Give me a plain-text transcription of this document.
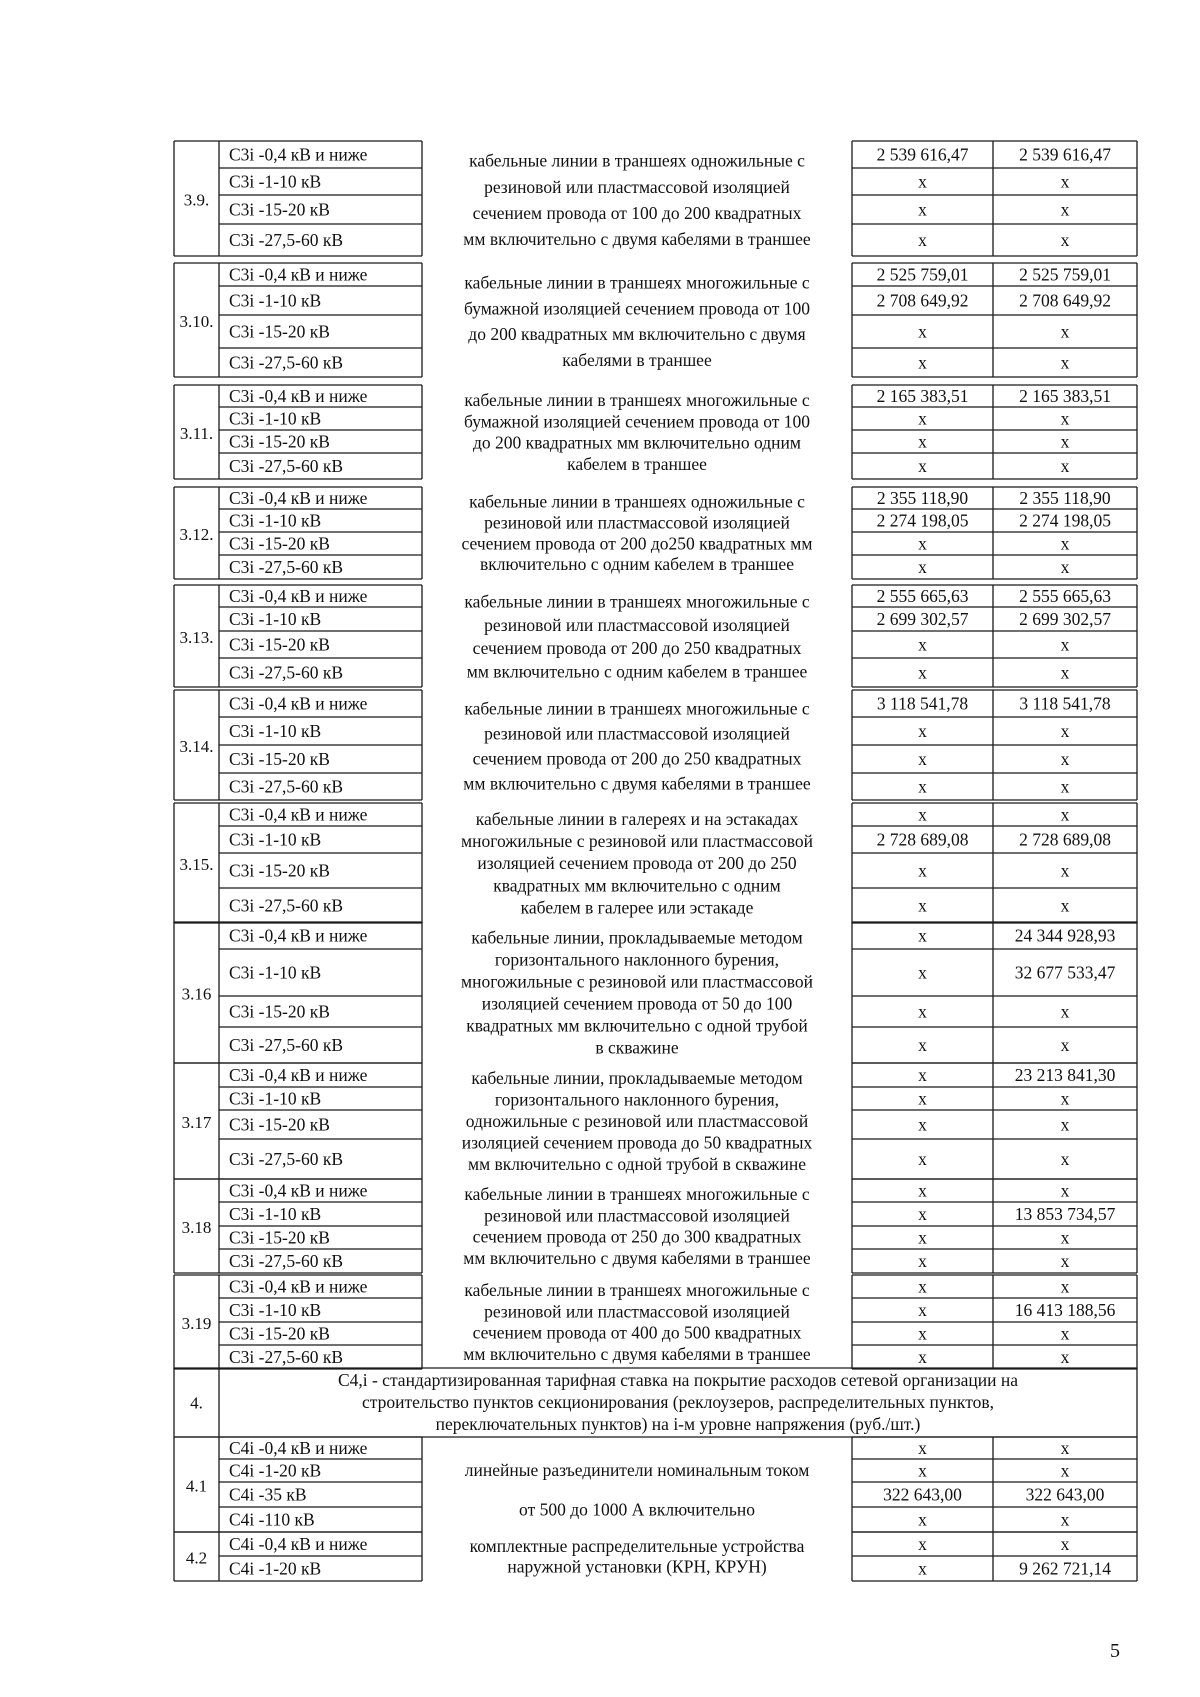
3.9.
С3i -0,4 кВ и ниже	2 539 616,47	2 539 616,47
С3i -1-10 кВ	х	х
С3i -15-20 кВ	х	х
С3i -27,5-60 кВ	х	х
кабельные линии в траншеях одножильные с
резиновой или пластмассовой изоляцией
сечением провода от 100 до 200 квадратных
мм включительно с двумя кабелями в траншее
3.10.
С3i -0,4 кВ и ниже	2 525 759,01	2 525 759,01
С3i -1-10 кВ	2 708 649,92	2 708 649,92
С3i -15-20 кВ	х	х
С3i -27,5-60 кВ	х	х
кабельные линии в траншеях многожильные с
бумажной изоляцией сечением провода от 100
до 200 квадратных мм включительно с двумя
кабелями в траншее
3.11.
С3i -0,4 кВ и ниже	2 165 383,51	2 165 383,51
С3i -1-10 кВ	х	х
С3i -15-20 кВ	х	х
С3i -27,5-60 кВ	х	х
кабельные линии в траншеях многожильные с
бумажной изоляцией сечением провода от 100
до 200 квадратных мм включительно одним
кабелем в траншее
3.12.
С3i -0,4 кВ и ниже	2 355 118,90	2 355 118,90
С3i -1-10 кВ	2 274 198,05	2 274 198,05
С3i -15-20 кВ	х	х
С3i -27,5-60 кВ	х	х
кабельные линии в траншеях одножильные с
резиновой или пластмассовой изоляцией
сечением провода от 200 до250 квадратных мм
включительно с одним кабелем в траншее
3.13.
С3i -0,4 кВ и ниже	2 555 665,63	2 555 665,63
С3i -1-10 кВ	2 699 302,57	2 699 302,57
С3i -15-20 кВ	х	х
С3i -27,5-60 кВ	х	х
кабельные линии в траншеях многожильные с
резиновой или пластмассовой изоляцией
сечением провода от 200 до 250 квадратных
мм включительно с одним кабелем в траншее
3.14.
С3i -0,4 кВ и ниже	3 118 541,78	3 118 541,78
С3i -1-10 кВ	х	х
С3i -15-20 кВ	х	х
С3i -27,5-60 кВ	х	х
кабельные линии в траншеях многожильные с
резиновой или пластмассовой изоляцией
сечением провода от 200 до 250 квадратных
мм включительно с двумя кабелями в траншее
3.15.
С3i -0,4 кВ и ниже	х	х
С3i -1-10 кВ	2 728 689,08	2 728 689,08
С3i -15-20 кВ	х	х
С3i -27,5-60 кВ	х	х
кабельные линии в галереях и на эстакадах
многожильные с резиновой или пластмассовой
изоляцией сечением провода от 200 до 250
квадратных мм включительно с одним
кабелем в галерее или эстакаде
3.16
С3i -0,4 кВ и ниже	х	24 344 928,93
С3i -1-10 кВ	х	32 677 533,47
С3i -15-20 кВ	х	х
С3i -27,5-60 кВ	х	х
кабельные линии, прокладываемые методом
горизонтального наклонного бурения,
многожильные с резиновой или пластмассовой
изоляцией сечением провода от 50 до 100
квадратных мм включительно с одной трубой
в скважине
3.17
С3i -0,4 кВ и ниже	х	23 213 841,30
С3i -1-10 кВ	х	х
С3i -15-20 кВ	х	х
С3i -27,5-60 кВ	х	х
кабельные линии, прокладываемые методом
горизонтального наклонного бурения,
одножильные с резиновой или пластмассовой
изоляцией сечением провода до 50 квадратных
мм включительно с одной трубой в скважине
3.18
С3i -0,4 кВ и ниже	х	х
С3i -1-10 кВ	х	13 853 734,57
С3i -15-20 кВ	х	х
С3i -27,5-60 кВ	х	х
кабельные линии в траншеях многожильные с
резиновой или пластмассовой изоляцией
сечением провода от 250 до 300 квадратных
мм включительно с двумя кабелями в траншее
3.19
С3i -0,4 кВ и ниже	х	х
С3i -1-10 кВ	х	16 413 188,56
С3i -15-20 кВ	х	х
С3i -27,5-60 кВ	х	х
кабельные линии в траншеях многожильные с
резиновой или пластмассовой изоляцией
сечением провода от 400 до 500 квадратных
мм включительно с двумя кабелями в траншее
4.
С4,i - стандартизированная тарифная ставка на покрытие расходов сетевой организации на
строительство пунктов секционирования (реклоузеров, распределительных пунктов,
переключательных пунктов) на i-м уровне напряжения (руб./шт.)
4.1
С4i -0,4 кВ и ниже	х	х
С4i -1-20 кВ	х	х
С4i -35 кВ	322 643,00	322 643,00
С4i -110 кВ	х	х
линейные разъединители номинальным током
от 500 до 1000 А включительно
4.2
С4i -0,4 кВ и ниже	х	х
С4i -1-20 кВ	х	9 262 721,14
комплектные распределительные устройства
наружной установки (КРН, КРУН)
5
